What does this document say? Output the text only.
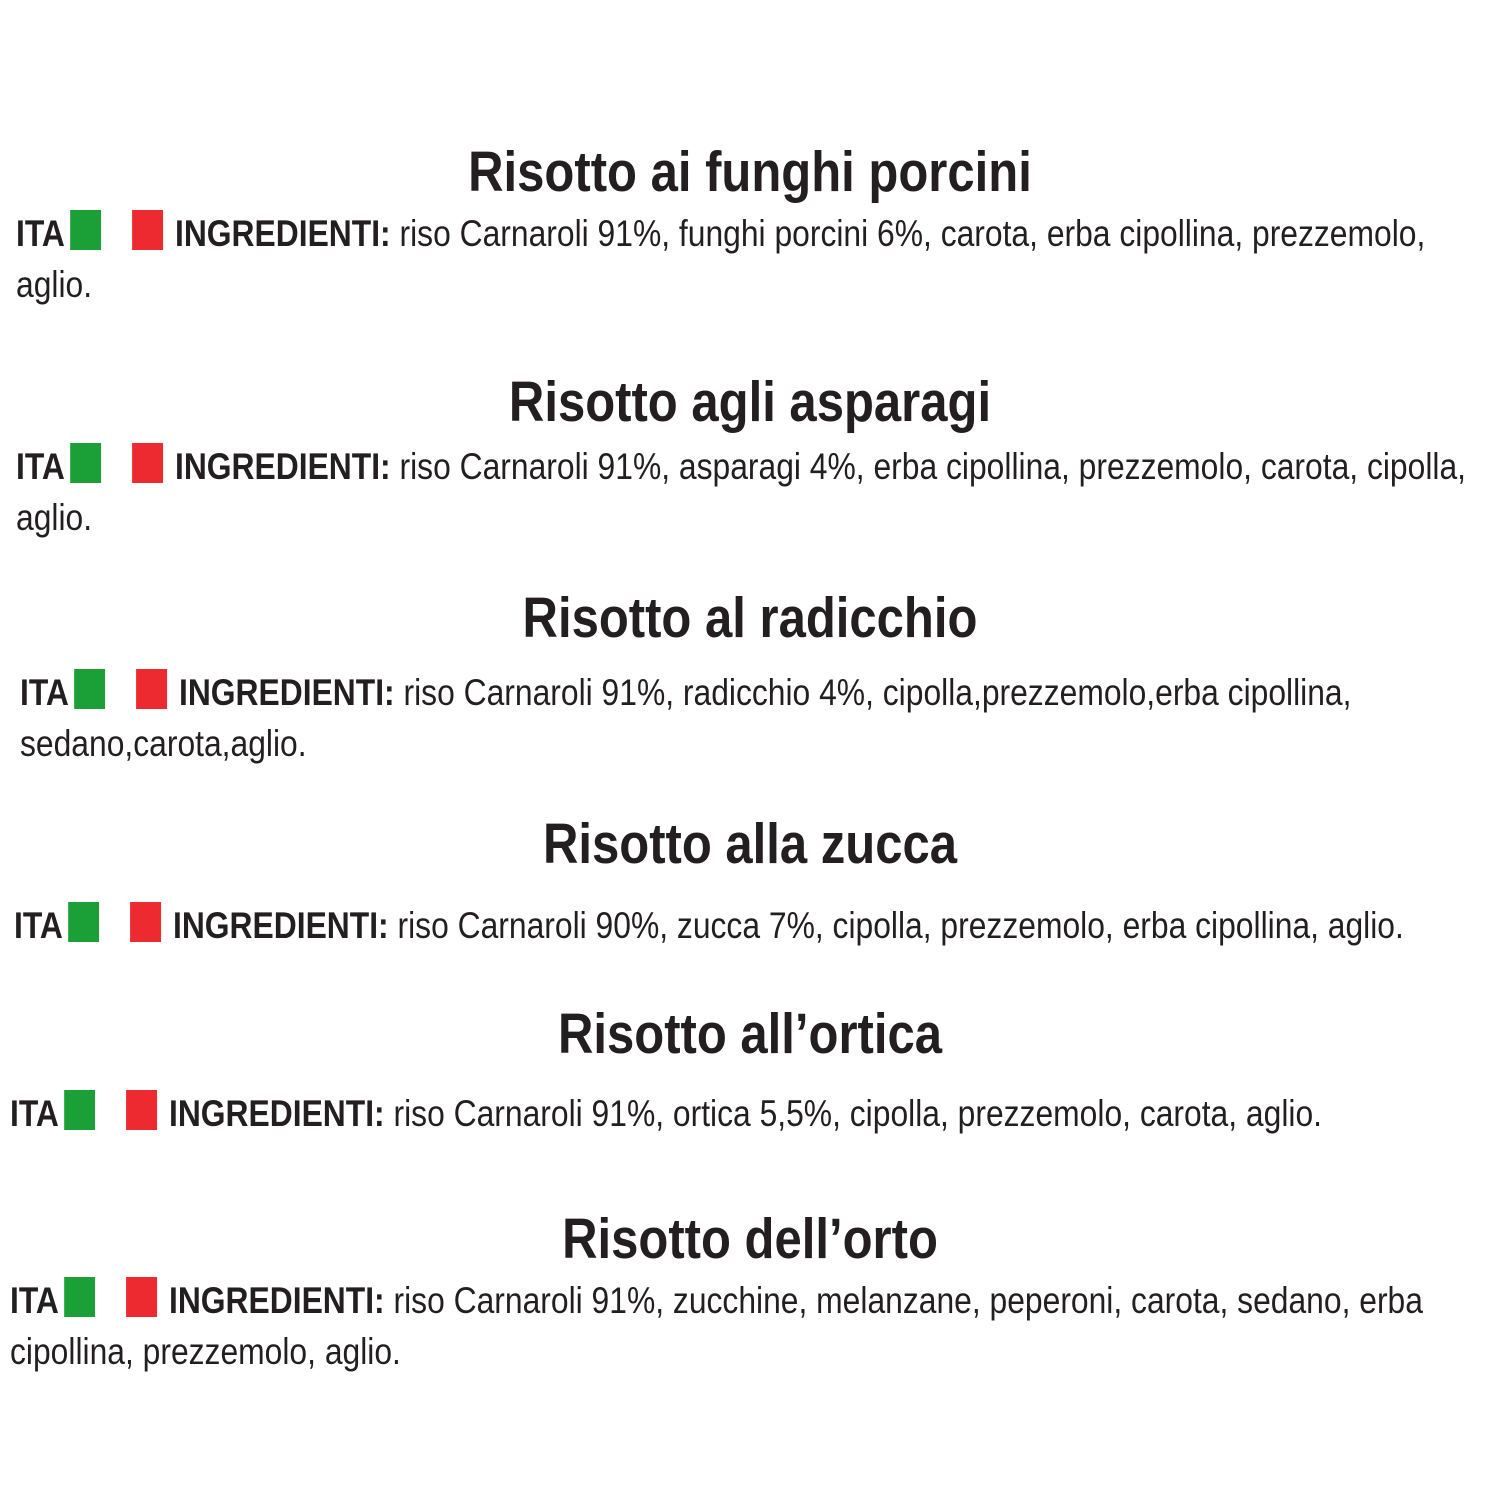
Risotto ai funghi porcini
ITA	INGREDIENTI: riso Carnaroli 91%, funghi porcini 6%, carota, erba cipollina, prezzemolo, aglio.
Risotto agli asparagi
ITA	INGREDIENTI: riso Carnaroli 91%, asparagi 4%, erba cipollina, prezzemolo, carota, cipolla, aglio.
Risotto al radicchio
ITA	INGREDIENTI: riso Carnaroli 91%, radicchio 4%, cipolla,prezzemolo,erba cipollina, sedano,carota,aglio.
Risotto alla zucca
ITA	INGREDIENTI: riso Carnaroli 90%, zucca 7%, cipolla, prezzemolo, erba cipollina, aglio.
Risotto all’ortica
ITA	INGREDIENTI: riso Carnaroli 91%, ortica 5,5%, cipolla, prezzemolo, carota, aglio.
Risotto dell’orto
ITA	INGREDIENTI: riso Carnaroli 91%, zucchine, melanzane, peperoni, carota, sedano, erba cipollina, prezzemolo, aglio.
